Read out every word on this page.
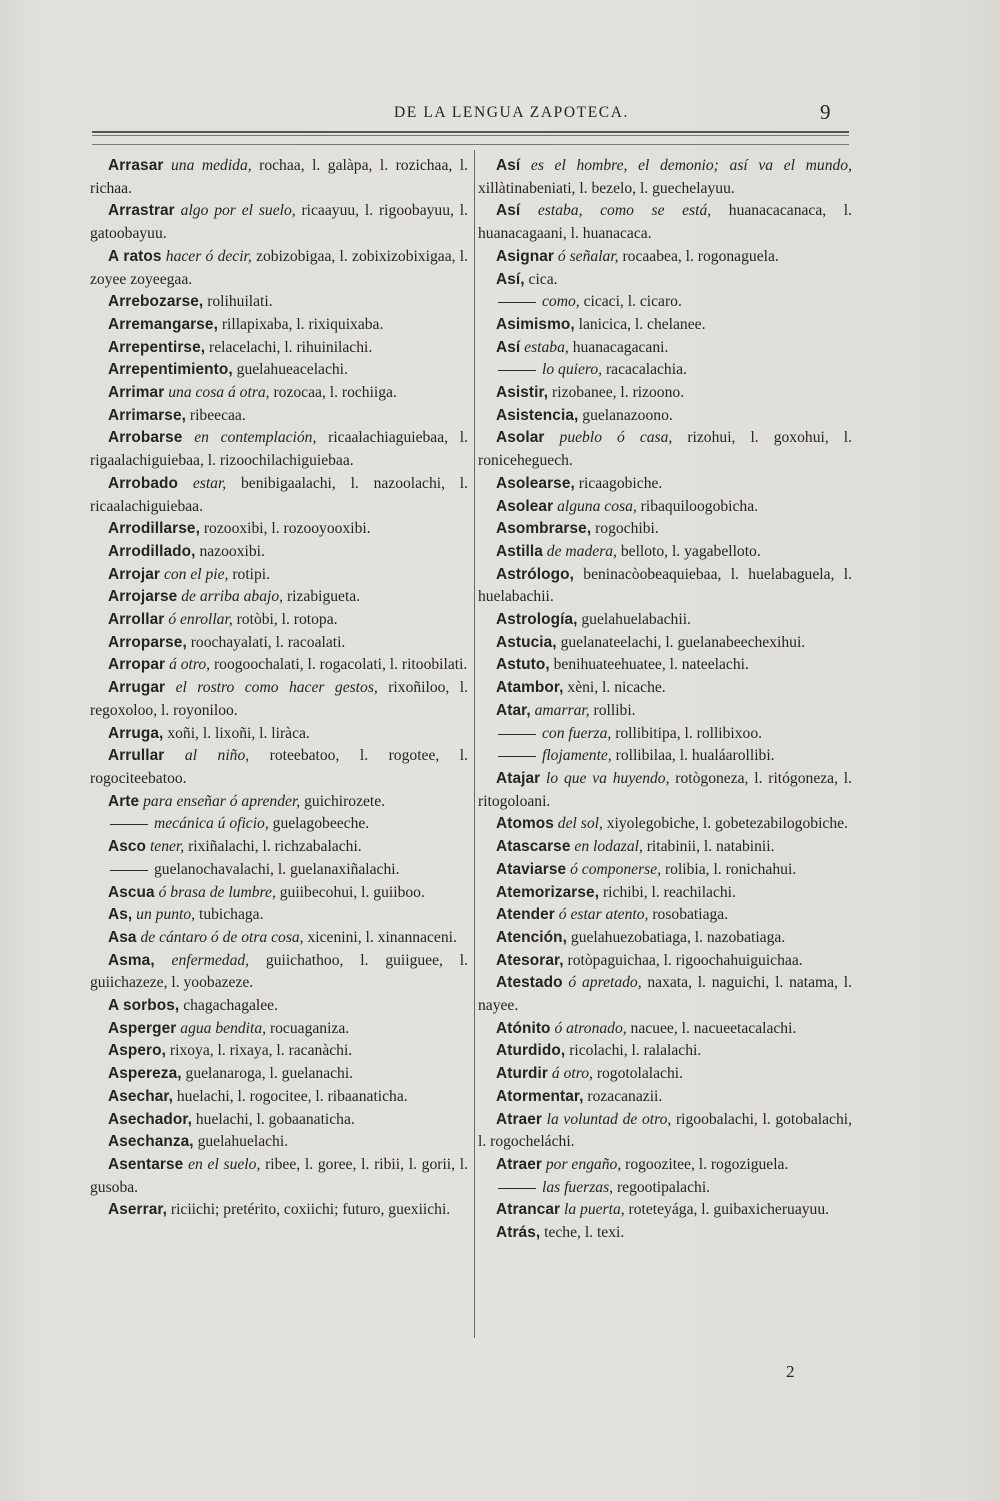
DE LA LENGUA ZAPOTECA.	9

Arrasar una medida, rochaa, l. galàpa, l. rozichaa, l. richaa.

Arrastrar algo por el suelo, ricaayuu, l. rigoobayuu, l. gatoobayuu.

A ratos hacer ó decir, zobizobigaa, l. zobixizobixigaa, l. zoyee zoyeegaa.

Arrebozarse, rolihuilati.

Arremangarse, rillapixaba, l. rixiquixaba.

Arrepentirse, relacelachi, l. rihuinilachi.

Arrepentimiento, guelahueacelachi.

Arrimar una cosa á otra, rozocaa, l. rochiiga.

Arrimarse, ribeecaa.

Arrobarse en contemplación, ricaalachiaguiebaa, l. rigaalachiguiebaa, l. rizoochilachiguiebaa.

Arrobado estar, benibigaalachi, l. nazoolachi, l. ricaalachiguiebaa.

Arrodillarse, rozooxibi, l. rozooyooxibi.

Arrodillado, nazooxibi.

Arrojar con el pie, rotipi.

Arrojarse de arriba abajo, rizabigueta.

Arrollar ó enrollar, rotòbi, l. rotopa.

Arroparse, roochayalati, l. racoalati.

Arropar á otro, roogoochalati, l. rogacolati, l. ritoobilati.

Arrugar el rostro como hacer gestos, rixoñiloo, l. regoxoloo, l. royoniloo.

Arruga, xoñi, l. lixoñi, l. liràca.

Arrullar al niño, roteebatoo, l. rogotee, l. rogociteebatoo.

Arte para enseñar ó aprender, guichirozete.

mecánica ú oficio, guelagobeeche.

Asco tener, rixiñalachi, l. richzabalachi.

guelanochavalachi, l. guelanaxiñalachi.

Ascua ó brasa de lumbre, guiibecohui, l. guiiboo.

As, un punto, tubichaga.

Asa de cántaro ó de otra cosa, xicenini, l. xinannaceni.

Asma, enfermedad, guiichathoo, l. guiiguee, l. guiichazeze, l. yoobazeze.

A sorbos, chagachagalee.

Asperger agua bendita, rocuaganiza.

Aspero, rixoya, l. rixaya, l. racanàchi.

Aspereza, guelanaroga, l. guelanachi.

Asechar, huelachi, l. rogocitee, l. ribaanaticha.

Asechador, huelachi, l. gobaanaticha.

Asechanza, guelahuelachi.

Asentarse en el suelo, ribee, l. goree, l. ribii, l. gorii, l. gusoba.

Aserrar, riciichi; pretérito, coxiichi; futuro, guexiichi.

Así es el hombre, el demonio; así va el mundo, xillàtinabeniati, l. bezelo, l. guechelayuu.

Así estaba, como se está, huanacacanaca, l. huanacagaani, l. huanacaca.

Asignar ó señalar, rocaabea, l. rogonaguela.

Así, cica.

como, cicaci, l. cicaro.

Asimismo, lanicica, l. chelanee.

Así estaba, huanacagacani.

lo quiero, racacalachia.

Asistir, rizobanee, l. rizoono.

Asistencia, guelanazoono.

Asolar pueblo ó casa, rizohui, l. goxohui, l. roniceheguech.

Asolearse, ricaagobiche.

Asolear alguna cosa, ribaquiloogobicha.

Asombrarse, rogochibi.

Astilla de madera, belloto, l. yagabelloto.

Astrólogo, beninacòobeaquiebaa, l. huelabaguela, l. huelabachii.

Astrología, guelahuelabachii.

Astucia, guelanateelachi, l. guelanabeechexihui.

Astuto, benihuateehuatee, l. nateelachi.

Atambor, xèni, l. nicache.

Atar, amarrar, rollibi.

con fuerza, rollibitipa, l. rollibixoo.

flojamente, rollibilaa, l. hualáarollibi.

Atajar lo que va huyendo, rotògoneza, l. ritógoneza, l. ritogoloani.

Atomos del sol, xiyolegobiche, l. gobetezabilogobiche.

Atascarse en lodazal, ritabinii, l. natabinii.

Ataviarse ó componerse, rolibia, l. ronichahui.

Atemorizarse, richibi, l. reachilachi.

Atender ó estar atento, rosobatiaga.

Atención, guelahuezobatiaga, l. nazobatiaga.

Atesorar, rotòpaguichaa, l. rigoochahuiguichaa.

Atestado ó apretado, naxata, l. naguichi, l. natama, l. nayee.

Atónito ó atronado, nacuee, l. nacueetacalachi.

Aturdido, ricolachi, l. ralalachi.

Aturdir á otro, rogotolalachi.

Atormentar, rozacanazii.

Atraer la voluntad de otro, rigoobalachi, l. gotobalachi, l. rogocheláchi.

Atraer por engaño, rogoozitee, l. rogoziguela.

las fuerzas, regootipalachi.

Atrancar la puerta, roteteyága, l. guibaxicheruayuu.

Atrás, teche, l. texi.

2
